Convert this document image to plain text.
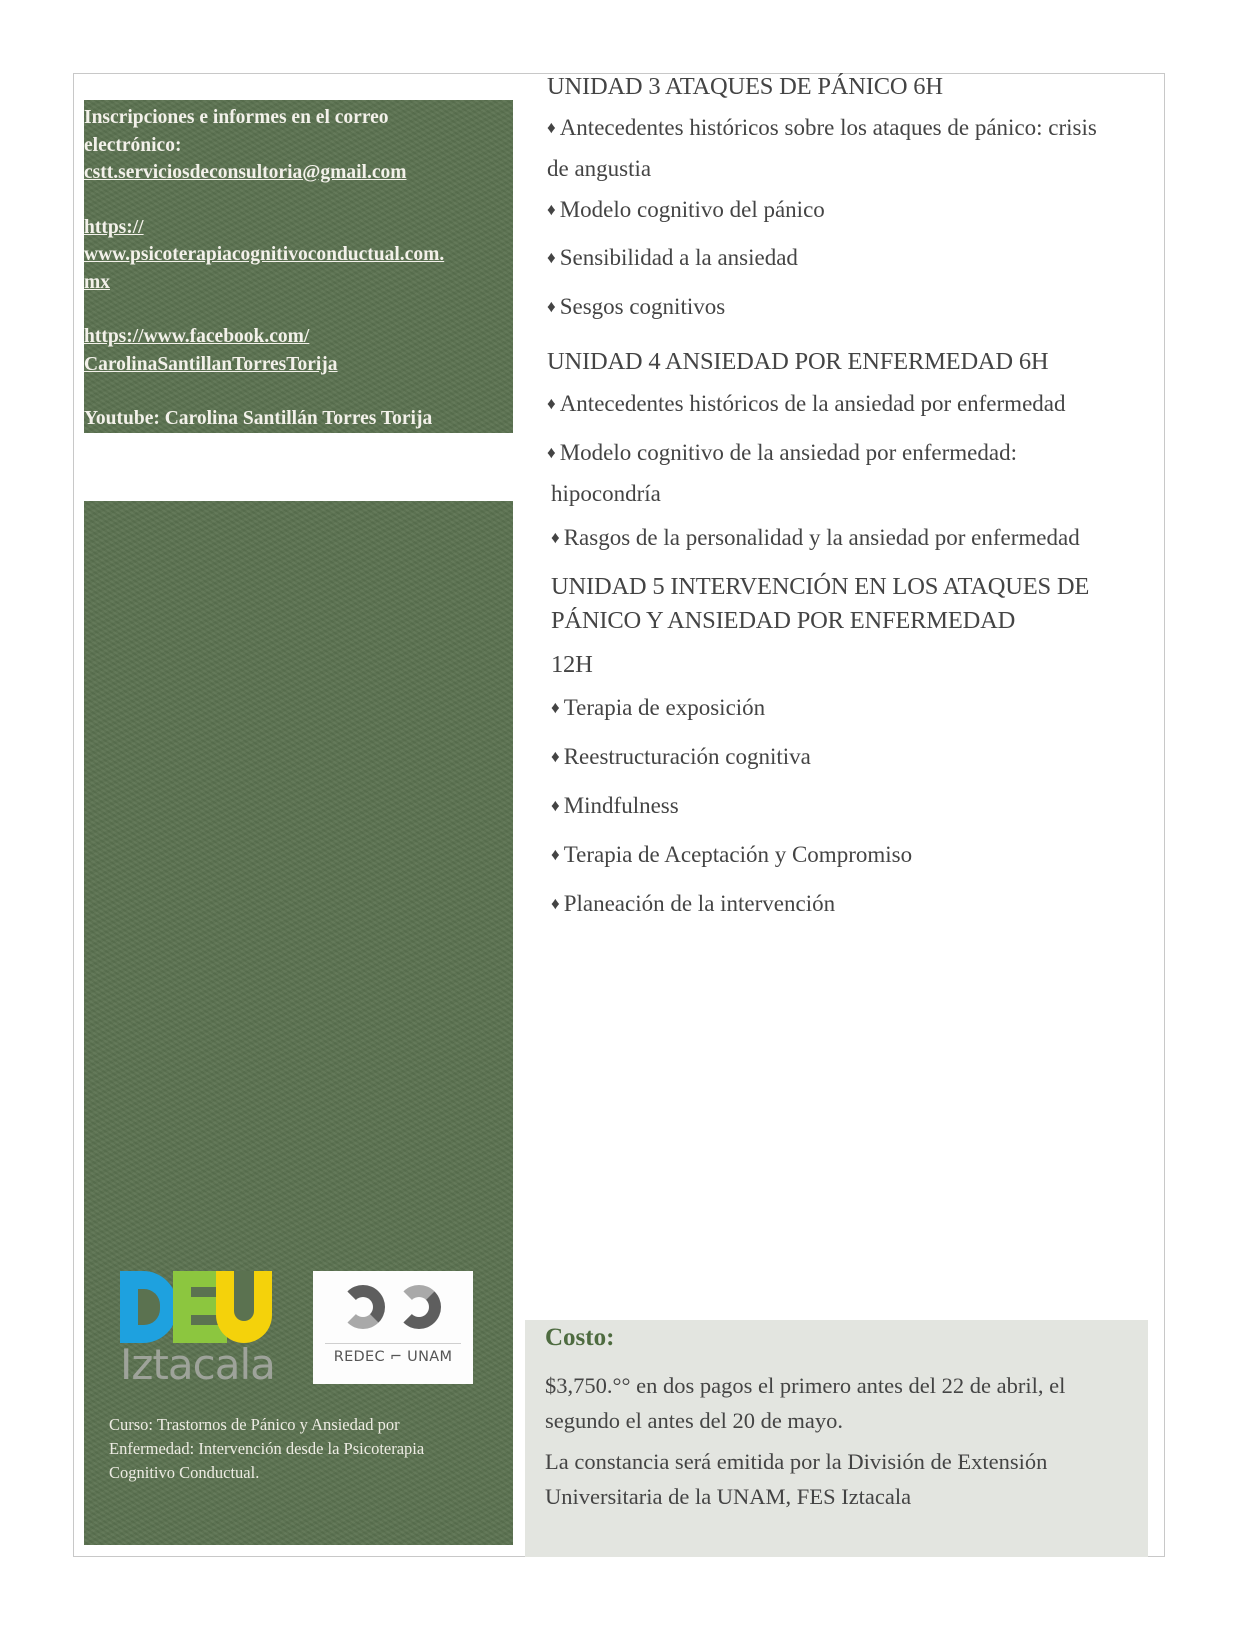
Inscripciones e informes en el correo
electrónico:
cstt.serviciosdeconsultoria@gmail.com
https://
www.psicoterapiacognitivoconductual.com.
mx
https://www.facebook.com/
CarolinaSantillanTorresTorija
Youtube: Carolina Santillán Torres Torija
Iztacala	REDEC ⌐ UNAM
Curso: Trastornos de Pánico y Ansiedad por
Enfermedad: Intervención desde la Psicoterapia
Cognitivo Conductual.
UNIDAD 3 ATAQUES DE PÁNICO 6H
♦ Antecedentes históricos sobre los ataques de pánico: crisis
de angustia
♦ Modelo cognitivo del pánico
♦ Sensibilidad a la ansiedad
♦ Sesgos cognitivos
UNIDAD 4 ANSIEDAD POR ENFERMEDAD 6H
♦ Antecedentes históricos de la ansiedad por enfermedad
♦ Modelo cognitivo de la ansiedad por enfermedad:
hipocondría
♦ Rasgos de la personalidad y la ansiedad por enfermedad
UNIDAD 5 INTERVENCIÓN EN LOS ATAQUES DE
PÁNICO Y ANSIEDAD POR ENFERMEDAD
12H
♦ Terapia de exposición
♦ Reestructuración cognitiva
♦ Mindfulness
♦ Terapia de Aceptación y Compromiso
♦ Planeación de la intervención
Costo:
$3,750.°° en dos pagos el primero antes del 22 de abril, el
segundo el antes del 20 de mayo.
La constancia será emitida por la División de Extensión
Universitaria de la UNAM, FES Iztacala
